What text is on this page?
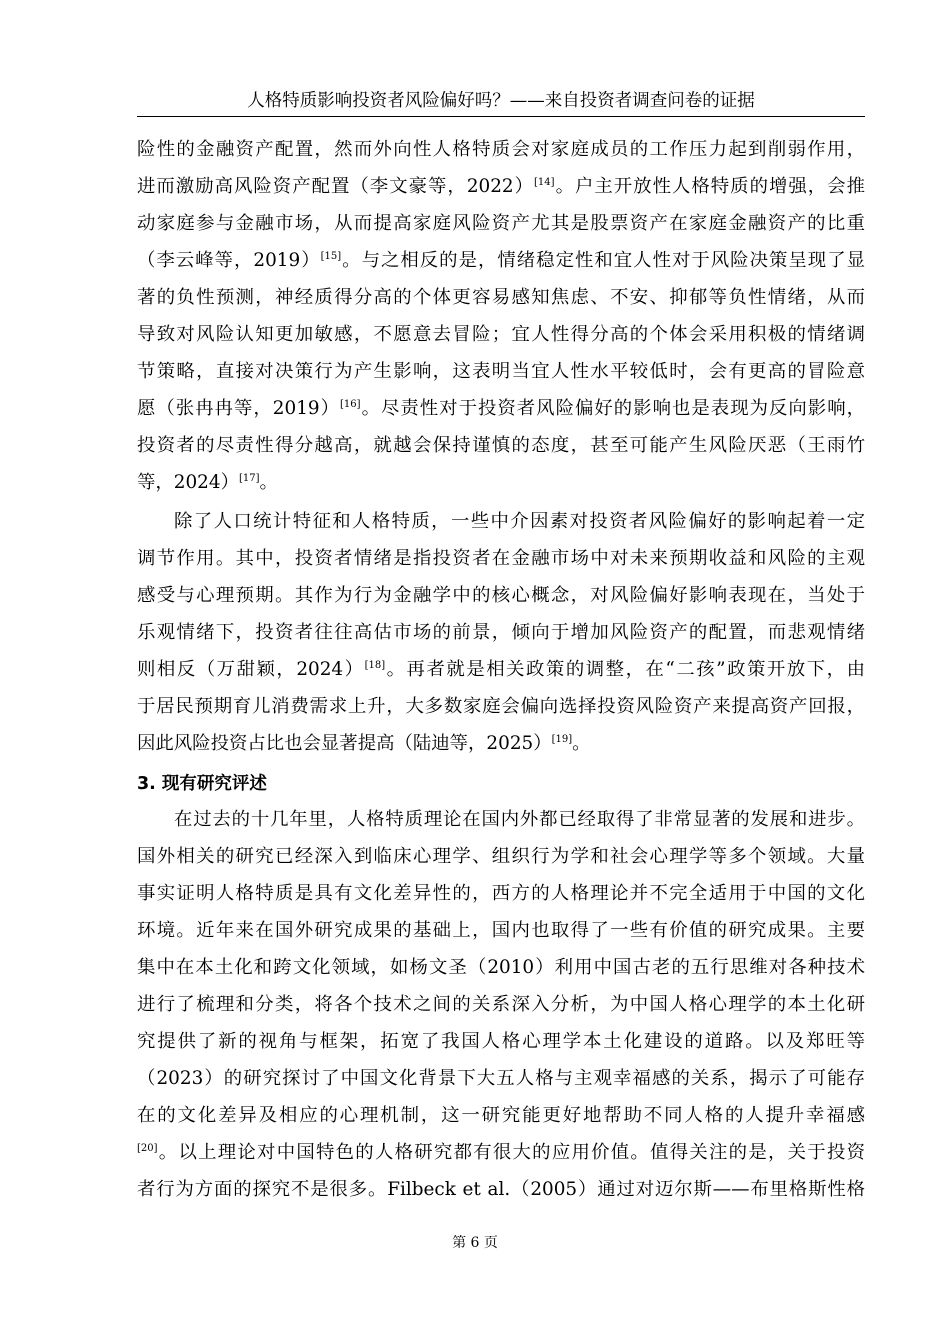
人格特质影响投资者风险偏好吗？——来自投资者调查问卷的证据
险性的金融资产配置，然而外向性人格特质会对家庭成员的工作压力起到削弱作用，
进而激励高风险资产配置（李文豪等，2022）[14]。户主开放性人格特质的增强，会推
动家庭参与金融市场，从而提高家庭风险资产尤其是股票资产在家庭金融资产的比重
（李云峰等，2019）[15]。与之相反的是，情绪稳定性和宜人性对于风险决策呈现了显
著的负性预测，神经质得分高的个体更容易感知焦虑、不安、抑郁等负性情绪，从而
导致对风险认知更加敏感，不愿意去冒险；宜人性得分高的个体会采用积极的情绪调
节策略，直接对决策行为产生影响，这表明当宜人性水平较低时，会有更高的冒险意
愿（张冉冉等，2019）[16]。尽责性对于投资者风险偏好的影响也是表现为反向影响，
投资者的尽责性得分越高，就越会保持谨慎的态度，甚至可能产生风险厌恶（王雨竹
等，2024）[17]。
除了人口统计特征和人格特质，一些中介因素对投资者风险偏好的影响起着一定
调节作用。其中，投资者情绪是指投资者在金融市场中对未来预期收益和风险的主观
感受与心理预期。其作为行为金融学中的核心概念，对风险偏好影响表现在，当处于
乐观情绪下，投资者往往高估市场的前景，倾向于增加风险资产的配置，而悲观情绪
则相反（万甜颖，2024）[18]。再者就是相关政策的调整，在“二孩”政策开放下，由
于居民预期育儿消费需求上升，大多数家庭会偏向选择投资风险资产来提高资产回报，
因此风险投资占比也会显著提高（陆迪等，2025）[19]。
3. 现有研究评述
在过去的十几年里，人格特质理论在国内外都已经取得了非常显著的发展和进步。
国外相关的研究已经深入到临床心理学、组织行为学和社会心理学等多个领域。大量
事实证明人格特质是具有文化差异性的，西方的人格理论并不完全适用于中国的文化
环境。近年来在国外研究成果的基础上，国内也取得了一些有价值的研究成果。主要
集中在本土化和跨文化领域，如杨文圣（2010）利用中国古老的五行思维对各种技术
进行了梳理和分类，将各个技术之间的关系深入分析，为中国人格心理学的本土化研
究提供了新的视角与框架，拓宽了我国人格心理学本土化建设的道路。以及郑旺等
（2023）的研究探讨了中国文化背景下大五人格与主观幸福感的关系，揭示了可能存
在的文化差异及相应的心理机制，这一研究能更好地帮助不同人格的人提升幸福感
[20]。以上理论对中国特色的人格研究都有很大的应用价值。值得关注的是，关于投资
者行为方面的探究不是很多。Filbeck et al.（2005）通过对迈尔斯——布里格斯性格
第 6 页
